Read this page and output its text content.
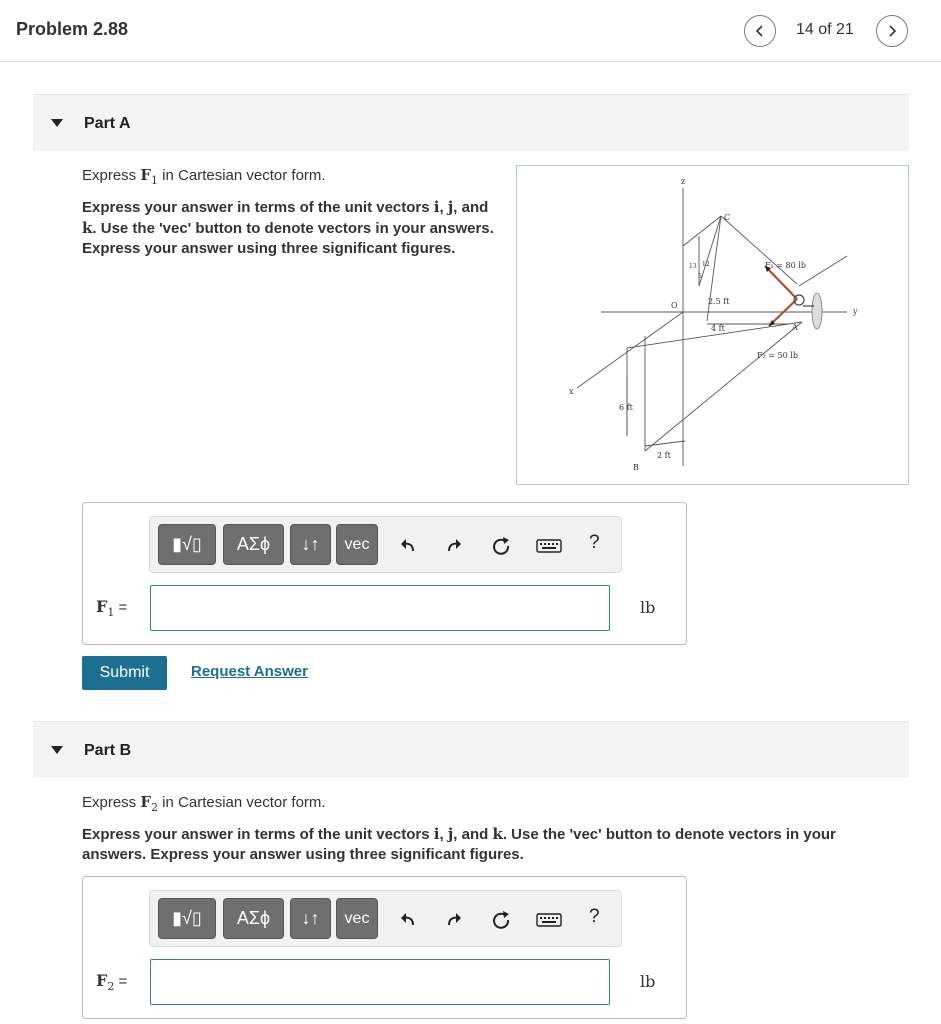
Problem 2.88	14 of 21
Part A
Express $F_1$ in Cartesian vector form.
Express your answer in terms of the unit vectors i, j, and k. Use the 'vec' button to denote vectors in your answers. Express your answer using three significant figures.
z
y
x
C
O
A
B
F₁ = 80 lb
F₂ = 50 lb
2.5 ft
4 ft
6 ft
2 ft
13 12
5
▮√▯	ΑΣϕ	↓↑	vec	?
$F_1$ =	lb
Submit	Request Answer
Part B
Express $F_2$ in Cartesian vector form.
Express your answer in terms of the unit vectors i, j, and k. Use the 'vec' button to denote vectors in your answers. Express your answer using three significant figures.
▮√▯	ΑΣϕ	↓↑	vec	?
$F_2$ =	lb
